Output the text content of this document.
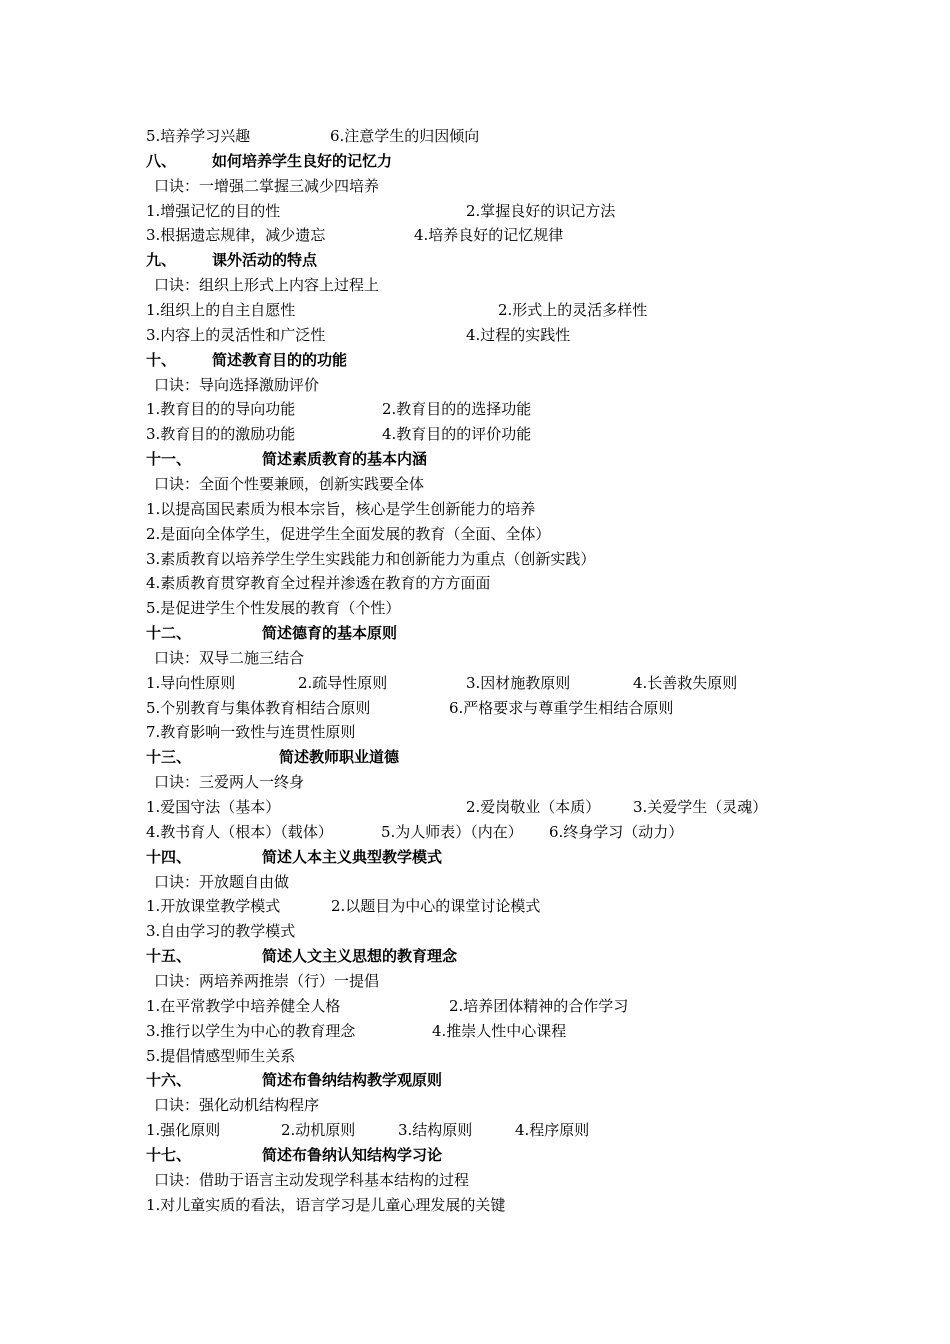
5.培养学习兴趣	6.注意学生的归因倾向
八、 如何培养学生良好的记忆力
口诀：一增强二掌握三减少四培养
1.增强记忆的目的性	2.掌握良好的识记方法
3.根据遗忘规律，减少遗忘	4.培养良好的记忆规律
九、 课外活动的特点
口诀：组织上形式上内容上过程上
1.组织上的自主自愿性	2.形式上的灵活多样性
3.内容上的灵活性和广泛性	4.过程的实践性
十、 简述教育目的的功能
口诀：导向选择激励评价
1.教育目的的导向功能	2.教育目的的选择功能
3.教育目的的激励功能	4.教育目的的评价功能
十一、	简述素质教育的基本内涵
口诀：全面个性要兼顾，创新实践要全体
1.以提高国民素质为根本宗旨，核心是学生创新能力的培养
2.是面向全体学生，促进学生全面发展的教育（全面、全体）
3.素质教育以培养学生学生实践能力和创新能力为重点（创新实践）
4.素质教育贯穿教育全过程并渗透在教育的方方面面
5.是促进学生个性发展的教育（个性）
十二、	简述德育的基本原则
口诀：双导二施三结合
1.导向性原则	2.疏导性原则	3.因材施教原则	4.长善救失原则
5.个别教育与集体教育相结合原则	6.严格要求与尊重学生相结合原则
7.教育影响一致性与连贯性原则
十三、	简述教师职业道德
口诀：三爱两人一终身
1.爱国守法（基本）	2.爱岗敬业（本质） 3.关爱学生（灵魂）
4.教书育人（根本）（载体）	5.为人师表）（内在） 6.终身学习（动力）
十四、	简述人本主义典型教学模式
口诀：开放题自由做
1.开放课堂教学模式	2.以题目为中心的课堂讨论模式
3.自由学习的教学模式
十五、	简述人文主义思想的教育理念
口诀：两培养两推崇（行）一提倡
1.在平常教学中培养健全人格	2.培养团体精神的合作学习
3.推行以学生为中心的教育理念	4.推崇人性中心课程
5.提倡情感型师生关系
十六、	简述布鲁纳结构教学观原则
口诀：强化动机结构程序
1.强化原则	2.动机原则	3.结构原则	4.程序原则
十七、	简述布鲁纳认知结构学习论
口诀：借助于语言主动发现学科基本结构的过程
1.对儿童实质的看法，语言学习是儿童心理发展的关键
